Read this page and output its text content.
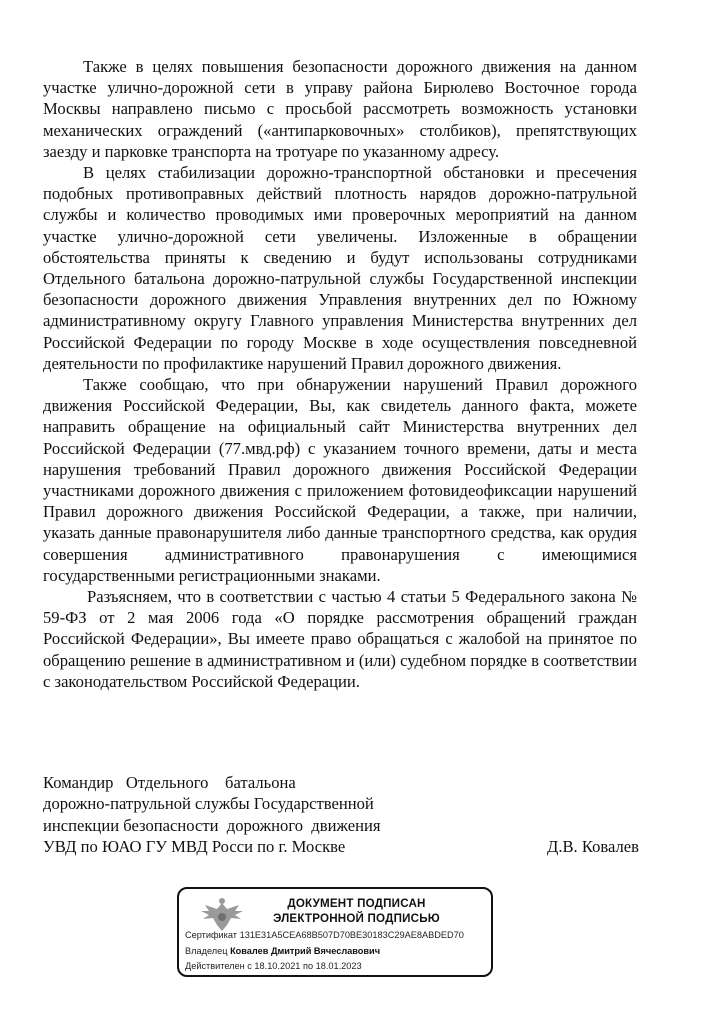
Также в целях повышения безопасности дорожного движения на данном участке улично-дорожной сети в управу района Бирюлево Восточное города Москвы направлено письмо с просьбой рассмотреть возможность установки механических ограждений («антипарковочных» столбиков), препятствующих заезду и парковке транспорта на тротуаре по указанному адресу.

В целях стабилизации дорожно-транспортной обстановки и пресечения подобных противоправных действий плотность нарядов дорожно-патрульной службы и количество проводимых ими проверочных мероприятий на данном участке улично-дорожной сети увеличены. Изложенные в обращении обстоятельства приняты к сведению и будут использованы сотрудниками Отдельного батальона дорожно-патрульной службы Государственной инспекции безопасности дорожного движения Управления внутренних дел по Южному административному округу Главного управления Министерства внутренних дел Российской Федерации по городу Москве в ходе осуществления повседневной деятельности по профилактике нарушений Правил дорожного движения.

Также сообщаю, что при обнаружении нарушений Правил дорожного движения Российской Федерации, Вы, как свидетель данного факта, можете направить обращение на официальный сайт Министерства внутренних дел Российской Федерации (77.мвд.рф) с указанием точного времени, даты и места нарушения требований Правил дорожного движения Российской Федерации участниками дорожного движения с приложением фотовидеофиксации нарушений Правил дорожного движения Российской Федерации, а также, при наличии, указать данные правонарушителя либо данные транспортного средства, как орудия совершения административного правонарушения с имеющимися государственными регистрационными знаками.

Разъясняем, что в соответствии с частью 4 статьи 5 Федерального закона № 59-ФЗ от 2 мая 2006 года «О порядке рассмотрения обращений граждан Российской Федерации», Вы имеете право обращаться с жалобой на принятое по обращению решение в административном и (или) судебном порядке в соответствии с законодательством Российской Федерации.

Командир   Отдельного    батальона
дорожно-патрульной службы Государственной
инспекции безопасности  дорожного  движения
УВД по ЮАО ГУ МВД Росси по г. Москве	Д.В. Ковалев
ДОКУМЕНТ ПОДПИСАН
ЭЛЕКТРОННОЙ ПОДПИСЬЮ
Сертификат 131E31A5CEA68B507D70BE30183C29AE8ABDED70
Владелец Ковалев Дмитрий Вячеславович
Действителен с 18.10.2021 по 18.01.2023
